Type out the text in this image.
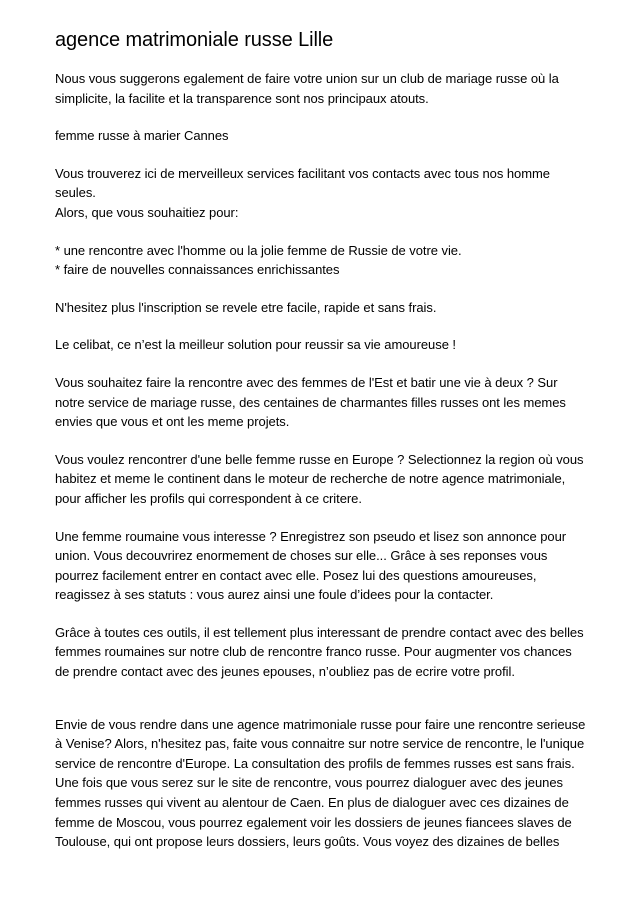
agence matrimoniale russe Lille

Nous vous suggerons egalement de faire votre union sur un club de mariage russe où la
simplicite, la facilite et la transparence sont nos principaux atouts.

femme russe à marier Cannes

Vous trouverez ici de merveilleux services facilitant vos contacts avec tous nos homme
seules.
Alors, que vous souhaitiez pour:

* une rencontre avec l'homme ou la jolie femme de Russie de votre vie.
* faire de nouvelles connaissances enrichissantes

N'hesitez plus l'inscription se revele etre facile, rapide et sans frais.

Le celibat, ce n’est la meilleur solution pour reussir sa vie amoureuse !

Vous souhaitez faire la rencontre avec des femmes de l'Est et batir une vie à deux ? Sur
notre service de mariage russe, des centaines de charmantes filles russes ont les memes
envies que vous et ont les meme projets.

Vous voulez rencontrer d'une belle femme russe en Europe ? Selectionnez la region où vous
habitez et meme le continent dans le moteur de recherche de notre agence matrimoniale,
pour afficher les profils qui correspondent à ce critere.

Une femme roumaine vous interesse ? Enregistrez son pseudo et lisez son annonce pour
union. Vous decouvrirez enormement de choses sur elle... Grâce à ses reponses vous
pourrez facilement entrer en contact avec elle. Posez lui des questions amoureuses,
reagissez à ses statuts : vous aurez ainsi une foule d’idees pour la contacter.

Grâce à toutes ces outils, il est tellement plus interessant de prendre contact avec des belles
femmes roumaines sur notre club de rencontre franco russe. Pour augmenter vos chances
de prendre contact avec des jeunes epouses, n’oubliez pas de ecrire votre profil.

Envie de vous rendre dans une agence matrimoniale russe pour faire une rencontre serieuse
à Venise? Alors, n'hesitez pas, faite vous connaitre sur notre service de rencontre, le l'unique
service de rencontre d'Europe. La consultation des profils de femmes russes est sans frais.
Une fois que vous serez sur le site de rencontre, vous pourrez dialoguer avec des jeunes
femmes russes qui vivent au alentour de Caen. En plus de dialoguer avec ces dizaines de
femme de Moscou, vous pourrez egalement voir les dossiers de jeunes fiancees slaves de
Toulouse, qui ont propose leurs dossiers, leurs goûts. Vous voyez des dizaines de belles
